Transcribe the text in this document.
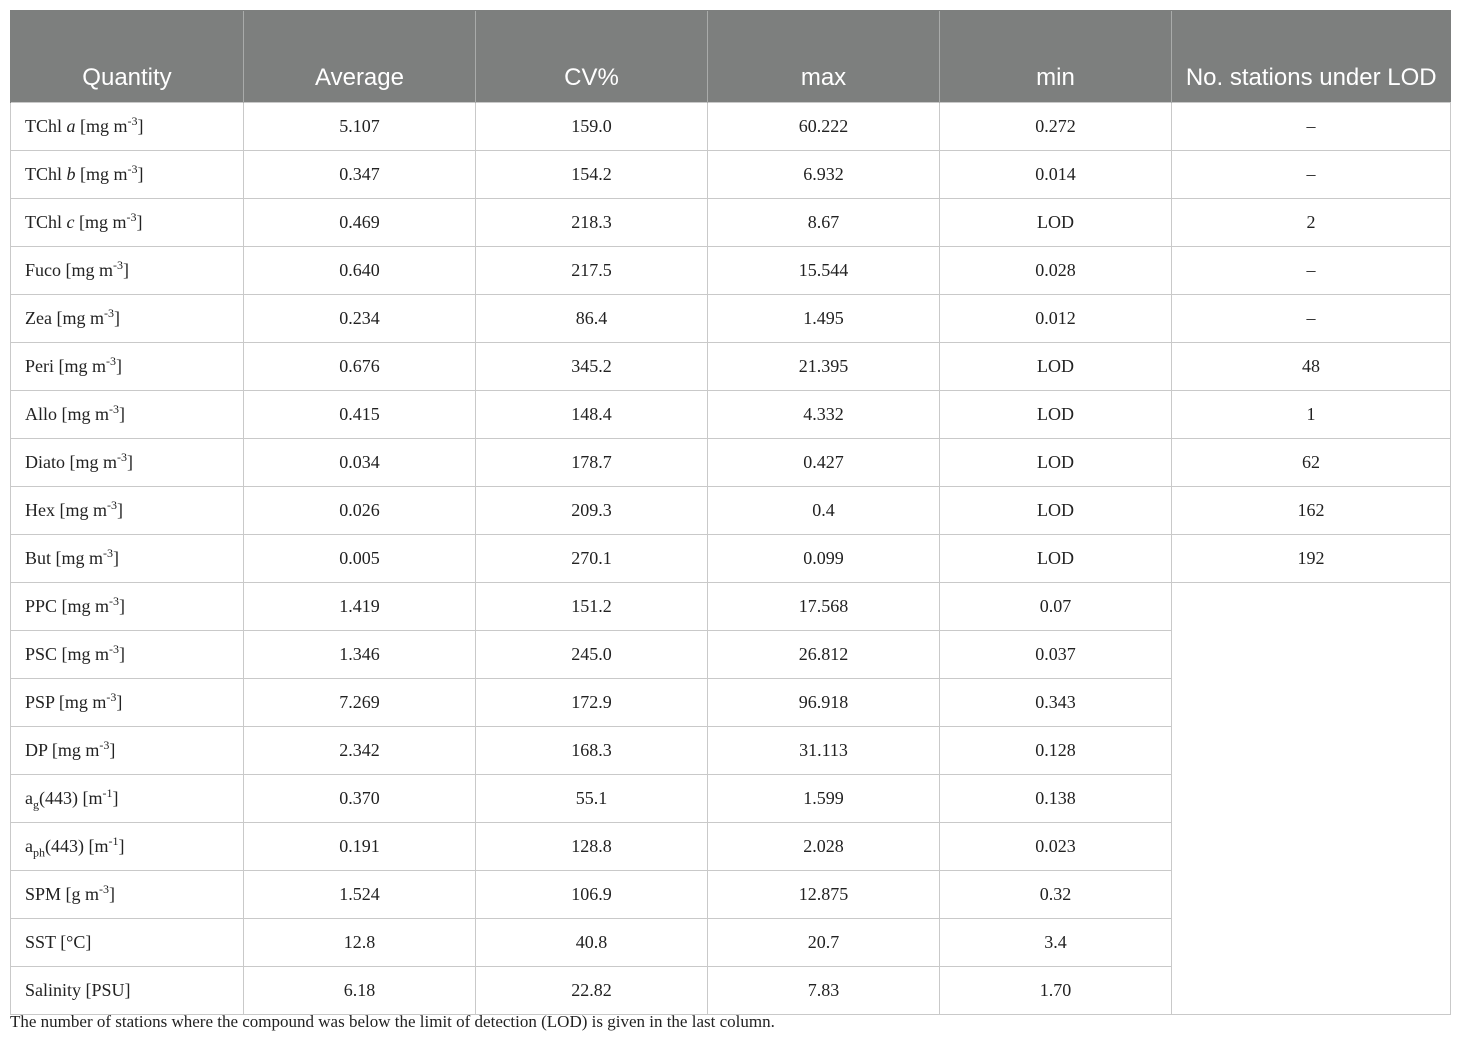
Quantity	Average	CV%	max	min	No. stations under LOD
TChl a [mg $m^{-3}$]	5.107	159.0	60.222	0.272	–
TChl b [mg $m^{-3}$]	0.347	154.2	6.932	0.014	–
TChl c [mg $m^{-3}$]	0.469	218.3	8.67	LOD	2
Fuco [mg $m^{-3}$]	0.640	217.5	15.544	0.028	–
Zea [mg $m^{-3}$]	0.234	86.4	1.495	0.012	–
Peri [mg $m^{-3}$]	0.676	345.2	21.395	LOD	48
Allo [mg $m^{-3}$]	0.415	148.4	4.332	LOD	1
Diato [mg $m^{-3}$]	0.034	178.7	0.427	LOD	62
Hex [mg $m^{-3}$]	0.026	209.3	0.4	LOD	162
But [mg $m^{-3}$]	0.005	270.1	0.099	LOD	192
PPC [mg $m^{-3}$]	1.419	151.2	17.568	0.07	
PSC [mg $m^{-3}$]	1.346	245.0	26.812	0.037	
PSP [mg $m^{-3}$]	7.269	172.9	96.918	0.343	
DP [mg $m^{-3}$]	2.342	168.3	31.113	0.128	
$a_g(443)$ $[m^{-1}]$	0.370	55.1	1.599	0.138	
$a_{ph}(443)$ $[m^{-1}]$	0.191	128.8	2.028	0.023	
SPM [g $m^{-3}$]	1.524	106.9	12.875	0.32	
SST [°C]	12.8	40.8	20.7	3.4	
Salinity [PSU]	6.18	22.82	7.83	1.70	
The number of stations where the compound was below the limit of detection (LOD) is given in the last column.
